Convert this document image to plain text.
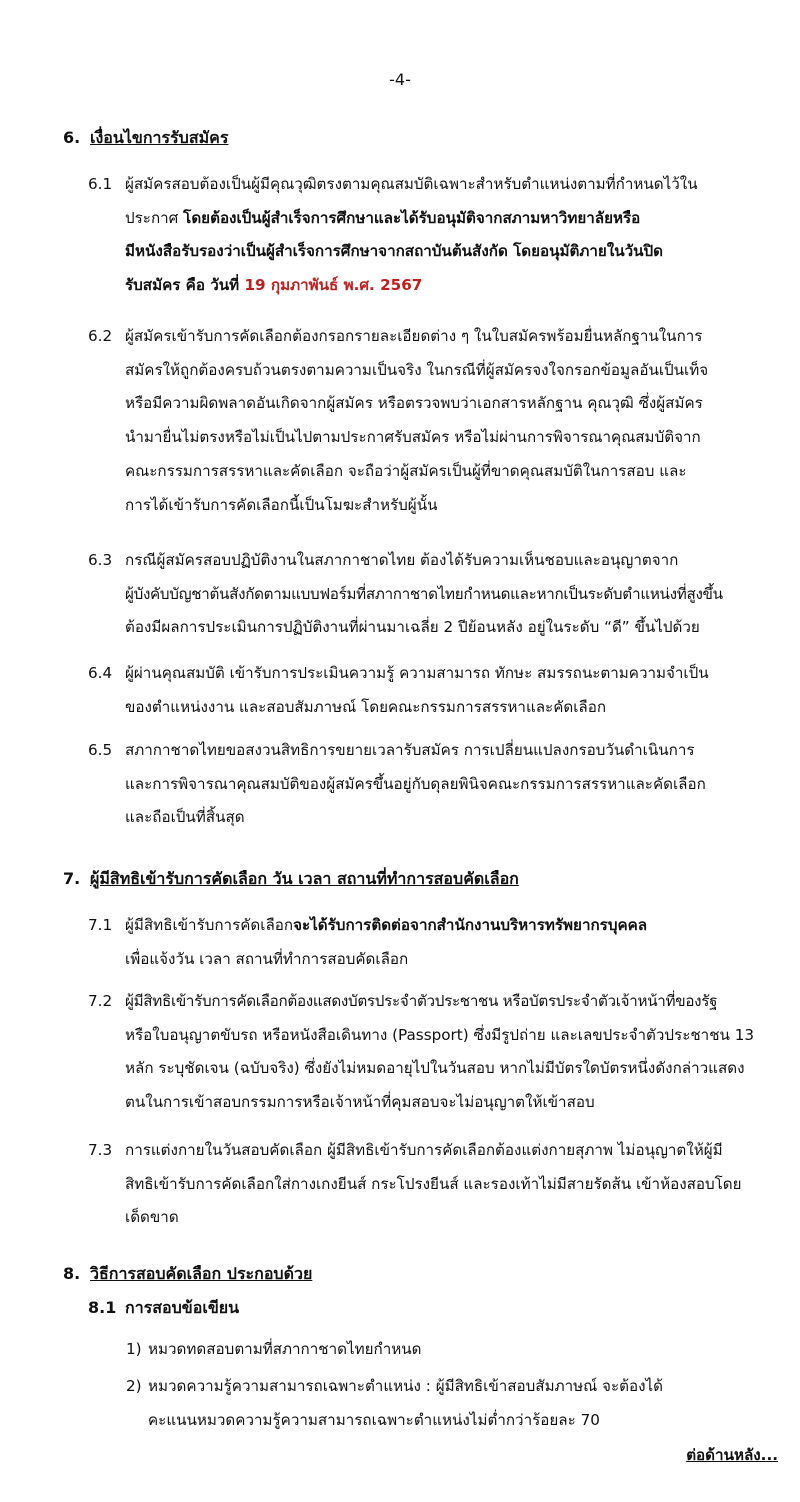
-4-
6. เงื่อนไขการรับสมัคร
6.1 ผู้สมัครสอบต้องเป็นผู้มีคุณวุฒิตรงตามคุณสมบัติเฉพาะสำหรับตำแหน่งตามที่กำหนดไว้ใน
ประกาศ โดยต้องเป็นผู้สำเร็จการศึกษาและได้รับอนุมัติจากสภามหาวิทยาลัยหรือ
มีหนังสือรับรองว่าเป็นผู้สำเร็จการศึกษาจากสถาบันต้นสังกัด โดยอนุมัติภายในวันปิด
รับสมัคร คือ วันที่ 19 กุมภาพันธ์ พ.ศ. 2567
6.2 ผู้สมัครเข้ารับการคัดเลือกต้องกรอกรายละเอียดต่าง ๆ ในใบสมัครพร้อมยื่นหลักฐานในการ
สมัครให้ถูกต้องครบถ้วนตรงตามความเป็นจริง ในกรณีที่ผู้สมัครจงใจกรอกข้อมูลอันเป็นเท็จ
หรือมีความผิดพลาดอันเกิดจากผู้สมัคร หรือตรวจพบว่าเอกสารหลักฐาน คุณวุฒิ ซึ่งผู้สมัคร
นำมายื่นไม่ตรงหรือไม่เป็นไปตามประกาศรับสมัคร หรือไม่ผ่านการพิจารณาคุณสมบัติจาก
คณะกรรมการสรรหาและคัดเลือก จะถือว่าผู้สมัครเป็นผู้ที่ขาดคุณสมบัติในการสอบ และ
การได้เข้ารับการคัดเลือกนี้เป็นโมฆะสำหรับผู้นั้น
6.3 กรณีผู้สมัครสอบปฏิบัติงานในสภากาชาดไทย ต้องได้รับความเห็นชอบและอนุญาตจาก
ผู้บังคับบัญชาต้นสังกัดตามแบบฟอร์มที่สภากาชาดไทยกำหนดและหากเป็นระดับตำแหน่งที่สูงขึ้น
ต้องมีผลการประเมินการปฏิบัติงานที่ผ่านมาเฉลี่ย 2 ปีย้อนหลัง อยู่ในระดับ “ดี” ขึ้นไปด้วย
6.4 ผู้ผ่านคุณสมบัติ เข้ารับการประเมินความรู้ ความสามารถ ทักษะ สมรรถนะตามความจำเป็น
ของตำแหน่งงาน และสอบสัมภาษณ์ โดยคณะกรรมการสรรหาและคัดเลือก
6.5 สภากาชาดไทยขอสงวนสิทธิการขยายเวลารับสมัคร การเปลี่ยนแปลงกรอบวันดำเนินการ
และการพิจารณาคุณสมบัติของผู้สมัครขึ้นอยู่กับดุลยพินิจคณะกรรมการสรรหาและคัดเลือก
และถือเป็นที่สิ้นสุด
7. ผู้มีสิทธิเข้ารับการคัดเลือก วัน เวลา สถานที่ทำการสอบคัดเลือก
7.1 ผู้มีสิทธิเข้ารับการคัดเลือกจะได้รับการติดต่อจากสำนักงานบริหารทรัพยากรบุคคล
เพื่อแจ้งวัน เวลา สถานที่ทำการสอบคัดเลือก
7.2 ผู้มีสิทธิเข้ารับการคัดเลือกต้องแสดงบัตรประจำตัวประชาชน หรือบัตรประจำตัวเจ้าหน้าที่ของรัฐ
หรือใบอนุญาตขับรถ หรือหนังสือเดินทาง (Passport) ซึ่งมีรูปถ่าย และเลขประจำตัวประชาชน 13
หลัก ระบุชัดเจน (ฉบับจริง) ซึ่งยังไม่หมดอายุไปในวันสอบ หากไม่มีบัตรใดบัตรหนึ่งดังกล่าวแสดง
ตนในการเข้าสอบกรรมการหรือเจ้าหน้าที่คุมสอบจะไม่อนุญาตให้เข้าสอบ
7.3 การแต่งกายในวันสอบคัดเลือก ผู้มีสิทธิเข้ารับการคัดเลือกต้องแต่งกายสุภาพ ไม่อนุญาตให้ผู้มี
สิทธิเข้ารับการคัดเลือกใส่กางเกงยีนส์ กระโปรงยีนส์ และรองเท้าไม่มีสายรัดส้น เข้าห้องสอบโดย
เด็ดขาด
8. วิธีการสอบคัดเลือก ประกอบด้วย
8.1 การสอบข้อเขียน
1) หมวดทดสอบตามที่สภากาชาดไทยกำหนด
2) หมวดความรู้ความสามารถเฉพาะตำแหน่ง : ผู้มีสิทธิเข้าสอบสัมภาษณ์ จะต้องได้
คะแนนหมวดความรู้ความสามารถเฉพาะตำแหน่งไม่ต่ำกว่าร้อยละ 70
ต่อด้านหลัง...
